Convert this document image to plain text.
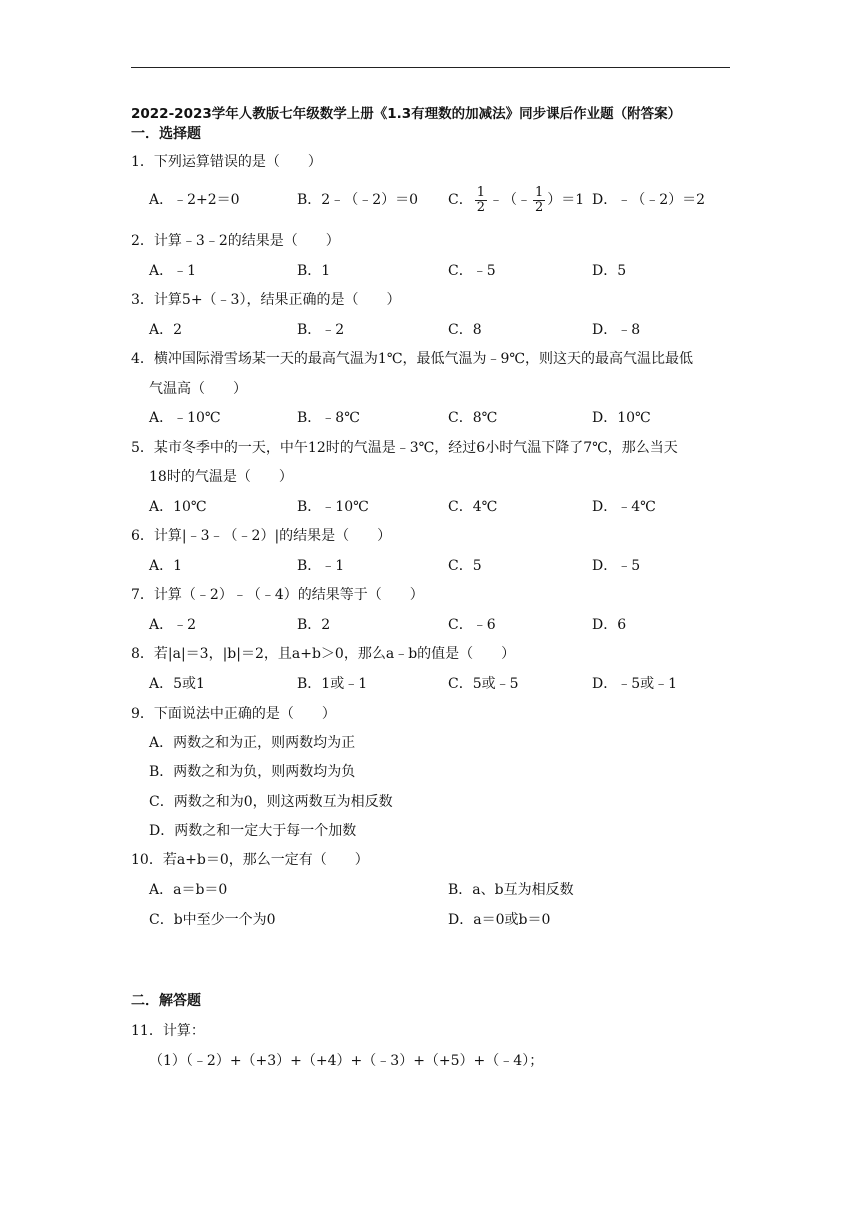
2022-2023学年人教版七年级数学上册《1.3有理数的加减法》同步课后作业题（附答案）
一．选择题
1．下列运算错误的是（　　）
A．﹣2+2＝0	B．2﹣（﹣2）＝0 C． $\frac{1}{2}$ ﹣（﹣ $\frac{1}{2} )=1$ D．﹣（﹣2）＝2
2．计算﹣3﹣2的结果是（　　）
A．﹣1	B．1	C．﹣5	D．5
3．计算5+（﹣3），结果正确的是（　　）
A．2	B．﹣2	C．8	D．﹣8
4．横冲国际滑雪场某一天的最高气温为1℃，最低气温为﹣9℃，则这天的最高气温比最低
气温高（　　）
A．﹣10℃	B．﹣8℃	C．8℃	D．10℃
5．某市冬季中的一天，中午12时的气温是﹣3℃，经过6小时气温下降了7℃，那么当天
18时的气温是（　　）
A．10℃	B．﹣10℃	C．4℃	D．﹣4℃
6．计算|﹣3﹣（﹣2）|的结果是（　　）
A．1	B．﹣1	C．5	D．﹣5
7．计算（﹣2）﹣（﹣4）的结果等于（　　）
A．﹣2	B．2	C．﹣6	D．6
8．若|a|＝3，|b|＝2，且a+b＞0，那么a﹣b的值是（　　）
A．5或1	B．1或﹣1	C．5或﹣5	D．﹣5或﹣1
9．下面说法中正确的是（　　）
A．两数之和为正，则两数均为正
B．两数之和为负，则两数均为负
C．两数之和为0，则这两数互为相反数
D．两数之和一定大于每一个加数
10．若a+b＝0，那么一定有（　　）
A．a＝b＝0	B．a、b互为相反数
C．b中至少一个为0	D．a＝0或b＝0
二．解答题
11．计算：
（1）（﹣2）+（+3）+（+4）+（﹣3）+（+5）+（﹣4）；
